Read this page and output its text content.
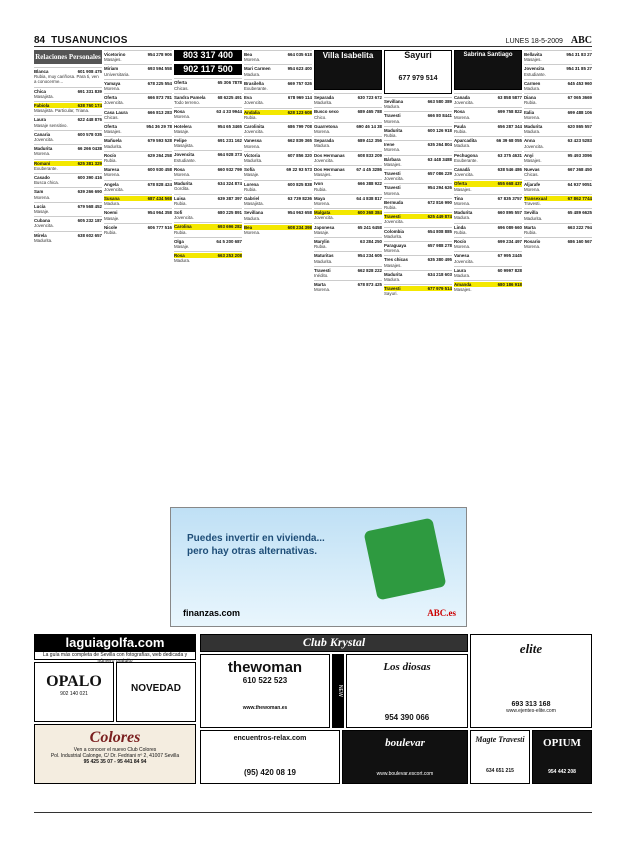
84 TUSANUNCIOS	LUNES 18-5-2009 ABC
Relaciones Personales
Blanca	601 908 475
Rubia, muy cariñosa. Para ti, ven a conocerme...
Chica	691 331 839
Masajista.
Fabiola	638 760 174
Masajista. Particular, Triana.
Laura	622 448 876
Masaje sensitivo.
Canaria	600 578 035
Jovencita.
Madurita	66 266 0438
Morena.
Romaní	625 381 329
Exuberante.
Casado	600 390 416
Busca chica.
Sam	639 266 690
Morena.
Lucía	679 568 452
Masaje.
Cubana	605 232 187
Jovencita.
Mirela	638 602 657
Madurita.
Vicetorino	954 278 906
Masajes.
Miriam	693 594 558
Universitaria.
Yamaya	678 225 554
Morena.
Oferta	666 873 781
Jovencita.
Casa Laura	666 813 283
Chicas.
Oferta	954 36 29 78
Masajes.
Mañuela	679 593 528
Madurita.
Rocío	629 264 258
Rubia.
Maresa	600 930 458
Morena.
Angela	678 828 424
Jovencita.
Susana	687 434 568
Madura.
Noemi	954 964 358
Masaje.
Nicole	606 777 516
Rubia.
803 317 400
902 117 500
Oferta	65 306 7878
Chicas.
Sandra Pamela	68 6225 491
Todo terreno.
Rosa	63 4 33 9944
Morena.
Hotelera	954 65 3465
Masaje.
Felipe	691 231 162
Masajista.
Jovencita	664 928 373
Estudiante.
Rosa	660 932 799
Morena.
Madurita	634 324 874
Gordita.
Luisa	639 387 397
Rubia.
Sofi	680 225 891
Jovencita.
Carolina	693 696 282
Rubia.
Olga	64 5 200 687
Masaje.
Rosa	663 253 208
Madura.
Bea	664 035 618
Morena.
Mari Carmen	954 623 400
Madura.
Brasileña	669 757 026
Exuberante.
Eva	678 969 114
Jovencita.
Andalia	628 123 608
Rubia.
Carolinita	686 799 708
Jovencita.
Vanessa	662 839 365
Morena.
Victoria	607 856 320
Madurita.
Sofía	69 22 93 573
Masaje.
Lorena	600 825 838
Rubia.
Gabriel	63 739 8236
Masajista.
Sevillana	954 963 658
Madura.
Bea	608 234 398
Morena.
Villa Isabelita
Separada	630 723 672
Madurita.
Busco sexo	689 465 788
Chico.
Guarretona	690 46 14 38
Morena.
Separada	689 412 356
Madura.
Dos Hermanas	608 833 209
Jovencita.
Dos Hermanas	67 4 45 3286
Masajes.
Ivon	666 388 922
Rubia.
Maya	64 4 838 817
Morena.
Malgata	600 368 384
Jovencita.
Japonesa	65 241 6458
Masaje.
Marylin	63 284 250
Rubia.
Maturitas	954 234 605
Madurita.
Travesti	662 828 222
Inédito.
Marta	678 873 425
Morena.
Sayuri
677 979 514
Sevillana	663 580 389
Madura.
Travesti	666 80 8441
Morena.
Madurita	600 126 918
Rubia.
Irene	635 264 804
Morena.
Bárbara	63 448 3488
Masajes.
Travesti	657 086 229
Jovencita.
Travesti	954 294 626
Morena.
Bermuda	672 816 990
Rubia.
Travesti	625 449 874
Jovencita.
Colombia	654 808 885
Madurita.
Paraguaya	657 988 278
Morena.
Tres chicas	635 380 495
Masajes.
Madurita	634 218 603
Madura.
Travesti	677 979 514
Sayuri.
Sabrina Santiago
Canada	63 858 5877
Jovencita.
Rosa	699 758 822
Morena.
Paula	656 287 344
Rubia.
Aparcadita	66 39 68 055
Madura.
Pechugona	63 375 4631
Exuberante.
Canadá	638 546 486
Jovencita.
Oferta	655 668 437
Masajes.
Tina	67 835 3757
Morena.
Madurita	660 895 557
Madura.
Linda	696 089 660
Rubia.
Rocío	699 234 497
Morena.
Vanesa	67 995 2445
Jovencita.
Laura	60 9997 828
Madura.
Amanda	680 186 918
Masajes.
Bellavita	954 31 83 27
Masajes.
Jovencita	954 31 85 27
Estudiante.
Carmen	645 453 960
Madura.
Diana	67 065 3669
Rubia.
Italia	699 488 106
Morena.
Madurita	620 865 557
Madura.
Anna	63 423 5283
Jovencita.
Anyi	95 493 3096
Masajes.
Nuevas	667 368 450
Chicas.
Aljarafe	64 937 9051
Morena.
Transexual	67 862 7744
Travesti.
Sevilla	65 489 6625
Madurita.
Marta	663 222 794
Rubia.
Rosario	686 160 567
Morena.
Puedes invertir en vivienda...
pero hay otras alternativas.
finanzas.com	ABC.es
laguiagolfa.com
La guía más completa de Sevilla con fotografías, web dedicada y número gratuito
OPALO
902 140 021	NOVEDAD
Colores
Ven a conocer el nuevo Club Colores
Pol. Industrial Calonge, C/ Dr. Fedriani nº 2, 41007 Sevilla
95 425 35 07 - 95 441 84 94
Club Krystal
thewoman
610 522 523
www.thewoman.es
NEW
Los diosas
954 390 066
encuentros-relax.com
(95) 420 08 19
boulevar
www.boulevar.escort.com
elite
693 313 168
www.ejentes-elite.com
Magte Travesti
634 651 215
OPIUM
954 442 208
